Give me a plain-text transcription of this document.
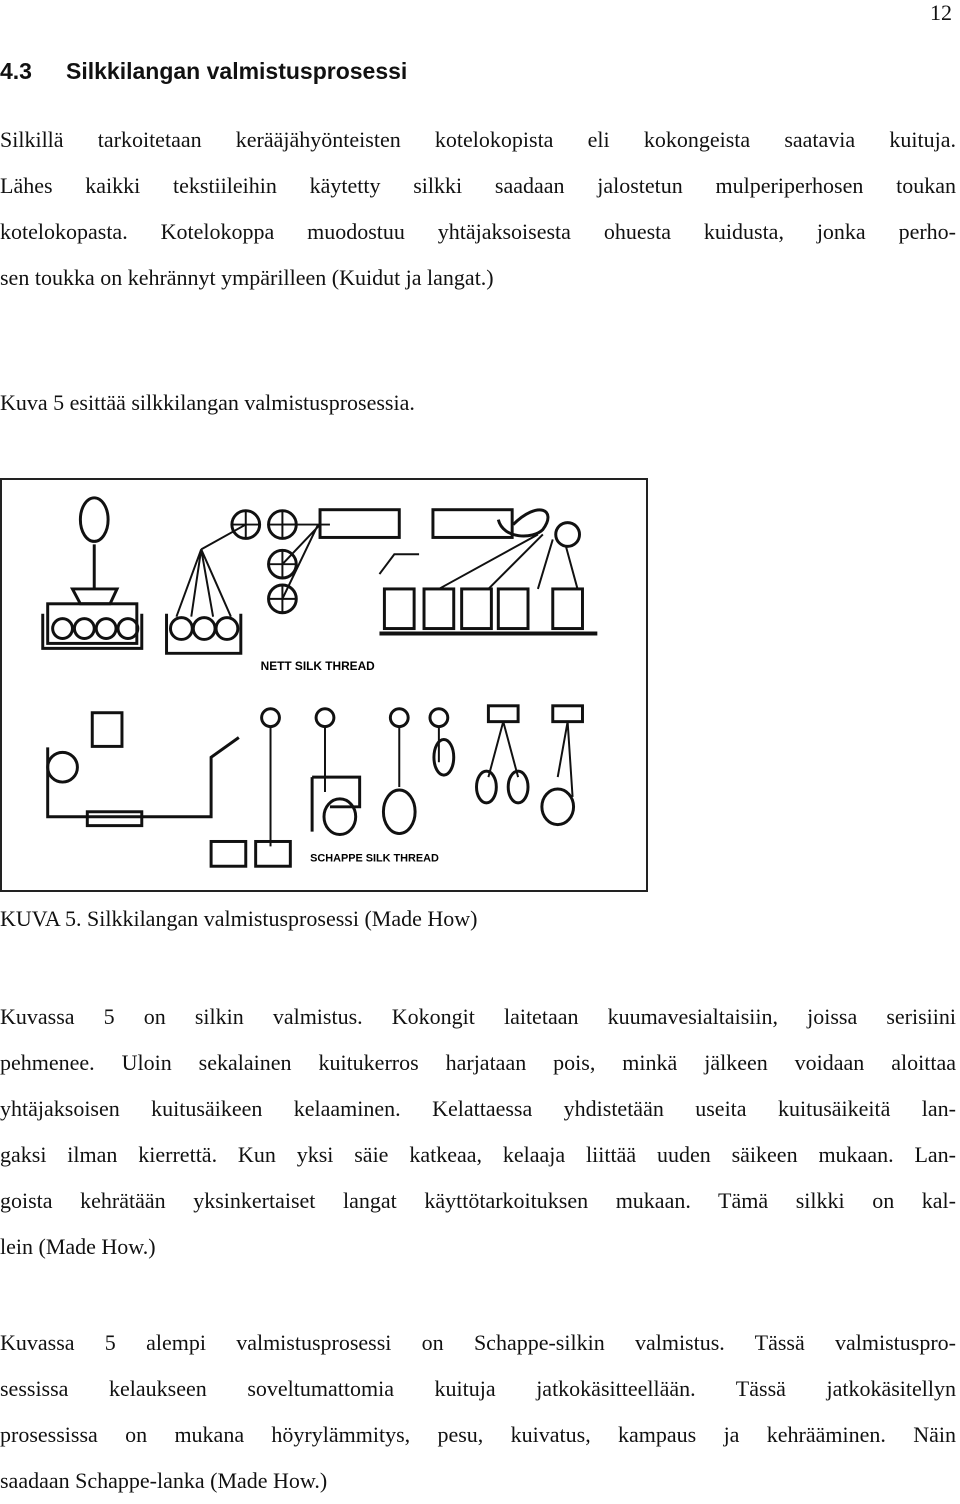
12
4.3 Silkkilangan valmistusprosessi
Silkillä tarkoitetaan kerääjähyönteisten kotelokopista eli kokongeista saatavia kuituja.
Lähes kaikki tekstiileihin käytetty silkki saadaan jalostetun mulperiperhosen toukan
kotelokopasta. Kotelokoppa muodostuu yhtäjaksoisesta ohuesta kuidusta, jonka perho-
sen toukka on kehrännyt ympärilleen (Kuidut ja langat.)
Kuva 5 esittää silkkilangan valmistusprosessia.
NETT SILK THREAD
SCHAPPE SILK THREAD
KUVA 5. Silkkilangan valmistusprosessi (Made How)
Kuvassa 5 on silkin valmistus. Kokongit laitetaan kuumavesialtaisiin, joissa serisiini
pehmenee. Uloin sekalainen kuitukerros harjataan pois, minkä jälkeen voidaan aloittaa
yhtäjaksoisen kuitusäikeen kelaaminen. Kelattaessa yhdistetään useita kuitusäikeitä lan-
gaksi ilman kierrettä. Kun yksi säie katkeaa, kelaaja liittää uuden säikeen mukaan. Lan-
goista kehrätään yksinkertaiset langat käyttötarkoituksen mukaan. Tämä silkki on kal-
lein (Made How.)
Kuvassa 5 alempi valmistusprosessi on Schappe-silkin valmistus. Tässä valmistuspro-
sessissa kelaukseen soveltumattomia kuituja jatkokäsitteellään. Tässä jatkokäsitellyn
prosessissa on mukana höyrylämmitys, pesu, kuivatus, kampaus ja kehrääminen. Näin
saadaan Schappe-lanka (Made How.)
